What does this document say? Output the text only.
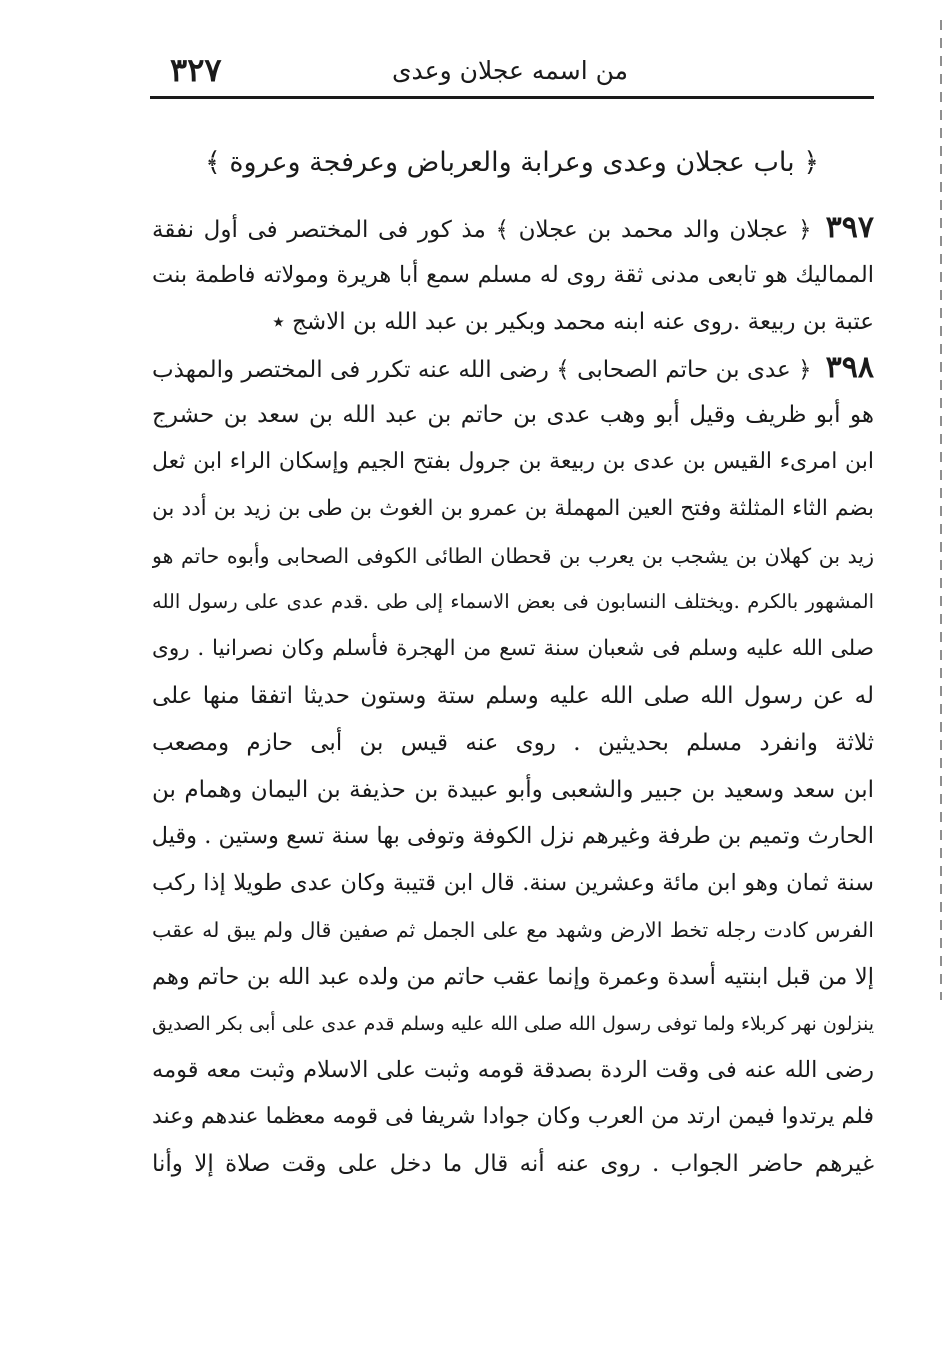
من اسمه عجلان وعدى
٣٢٧
﴿ باب عجلان وعدى وعرابة والعرباض وعرفجة وعروة ﴾
٣٩٧﴿ عجلان والد محمد بن عجلان ﴾ مذ كور فى المختصر فى أول نفقة
المماليك هو تابعى مدنى ثقة روى له مسلم سمع أبا هريرة ومولاته فاطمة بنت
عتبة بن ربيعة .روى عنه ابنه محمد وبكير بن عبد الله بن الاشج ٭
٣٩٨﴿ عدى بن حاتم الصحابى ﴾ رضى الله عنه تكرر فى المختصر والمهذب
هو أبو ظريف وقيل أبو وهب عدى بن حاتم بن عبد الله بن سعد بن حشرج
ابن امرىء القيس بن عدى بن ربيعة بن جرول بفتح الجيم وإسكان الراء ابن ثعل
بضم الثاء المثلثة وفتح العين المهملة بن عمرو بن الغوث بن طى بن زيد بن أدد بن
زيد بن كهلان بن يشجب بن يعرب بن قحطان الطائى الكوفى الصحابى وأبوه حاتم هو
المشهور بالكرم .ويختلف النسابون فى بعض الاسماء إلى طى .قدم عدى على رسول الله
صلى الله عليه وسلم فى شعبان سنة تسع من الهجرة فأسلم وكان نصرانيا . روى
له عن رسول الله صلى الله عليه وسلم ستة وستون حديثا اتفقا منها على
ثلاثة وانفرد مسلم بحديثين . روى عنه قيس بن أبى حازم ومصعب
ابن سعد وسعيد بن جبير والشعبى وأبو عبيدة بن حذيفة بن اليمان وهمام بن
الحارث وتميم بن طرفة وغيرهم نزل الكوفة وتوفى بها سنة تسع وستين . وقيل
سنة ثمان وهو ابن مائة وعشرين سنة. قال ابن قتيبة وكان عدى طويلا إذا ركب
الفرس كادت رجله تخط الارض وشهد مع على الجمل ثم صفين قال ولم يبق له عقب
إلا من قبل ابنتيه أسدة وعمرة وإنما عقب حاتم من ولده عبد الله بن حاتم وهم
ينزلون نهر كربلاء ولما توفى رسول الله صلى الله عليه وسلم قدم عدى على أبى بكر الصديق
رضى الله عنه فى وقت الردة بصدقة قومه وثبت على الاسلام وثبت معه قومه
فلم يرتدوا فيمن ارتد من العرب وكان جوادا شريفا فى قومه معظما عندهم وعند
غيرهم حاضر الجواب . روى عنه أنه قال ما دخل على وقت صلاة إلا وأنا
